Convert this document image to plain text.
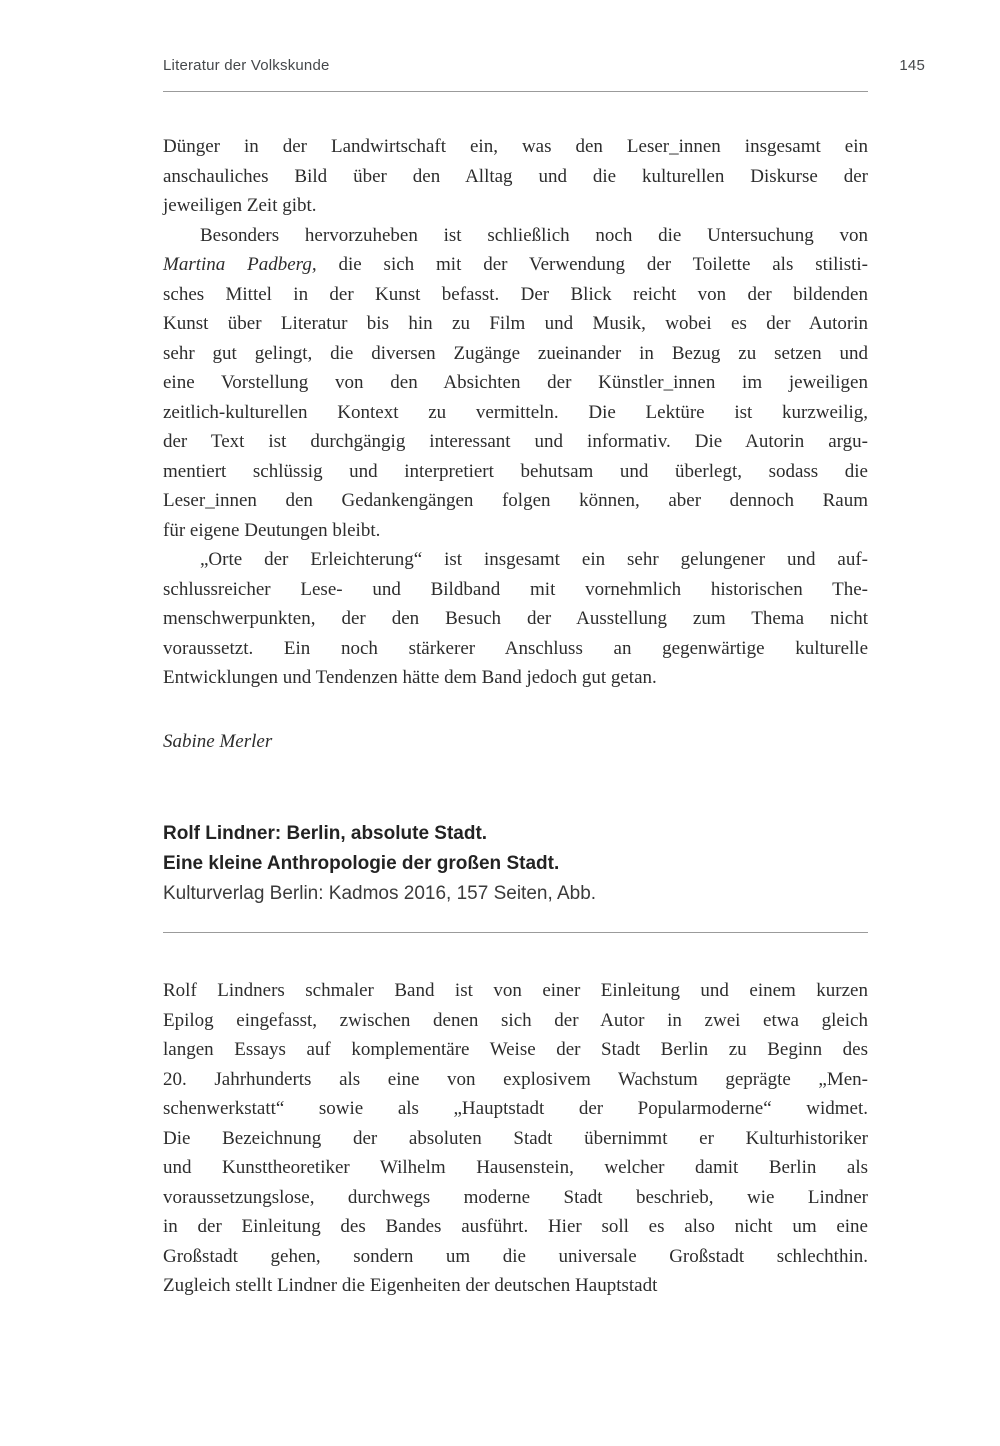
Literatur der Volkskunde	145

Dünger in der Landwirtschaft ein, was den Leser_innen insgesamt ein
anschauliches Bild über den Alltag und die kulturellen Diskurse der
jeweiligen Zeit gibt.

Besonders hervorzuheben ist schließlich noch die Untersuchung von
Martina Padberg, die sich mit der Verwendung der Toilette als stilisti-
sches Mittel in der Kunst befasst. Der Blick reicht von der bildenden
Kunst über Literatur bis hin zu Film und Musik, wobei es der Autorin
sehr gut gelingt, die diversen Zugänge zueinander in Bezug zu setzen und
eine Vorstellung von den Absichten der Künstler_innen im jeweiligen
zeitlich-kulturellen Kontext zu vermitteln. Die Lektüre ist kurzweilig,
der Text ist durchgängig interessant und informativ. Die Autorin argu-
mentiert schlüssig und interpretiert behutsam und überlegt, sodass die
Leser_innen den Gedankengängen folgen können, aber dennoch Raum
für eigene Deutungen bleibt.

„Orte der Erleichterung“ ist insgesamt ein sehr gelungener und auf-
schlussreicher Lese- und Bildband mit vornehmlich historischen The-
menschwerpunkten, der den Besuch der Ausstellung zum Thema nicht
voraussetzt. Ein noch stärkerer Anschluss an gegenwärtige kulturelle
Entwicklungen und Tendenzen hätte dem Band jedoch gut getan.

Sabine Merler

Rolf Lindner: Berlin, absolute Stadt.
Eine kleine Anthropologie der großen Stadt.
Kulturverlag Berlin: Kadmos 2016, 157 Seiten, Abb.

Rolf Lindners schmaler Band ist von einer Einleitung und einem kurzen
Epilog eingefasst, zwischen denen sich der Autor in zwei etwa gleich
langen Essays auf komplementäre Weise der Stadt Berlin zu Beginn des
20. Jahrhunderts als eine von explosivem Wachstum geprägte „Men-
schenwerkstatt“ sowie als „Hauptstadt der Popularmoderne“ widmet.
Die Bezeichnung der absoluten Stadt übernimmt er Kulturhistoriker
und Kunsttheoretiker Wilhelm Hausenstein, welcher damit Berlin als
voraussetzungslose, durchwegs moderne Stadt beschrieb, wie Lindner
in der Einleitung des Bandes ausführt. Hier soll es also nicht um eine
Großstadt gehen, sondern um die universale Großstadt schlechthin.
Zugleich stellt Lindner die Eigenheiten der deutschen Hauptstadt
